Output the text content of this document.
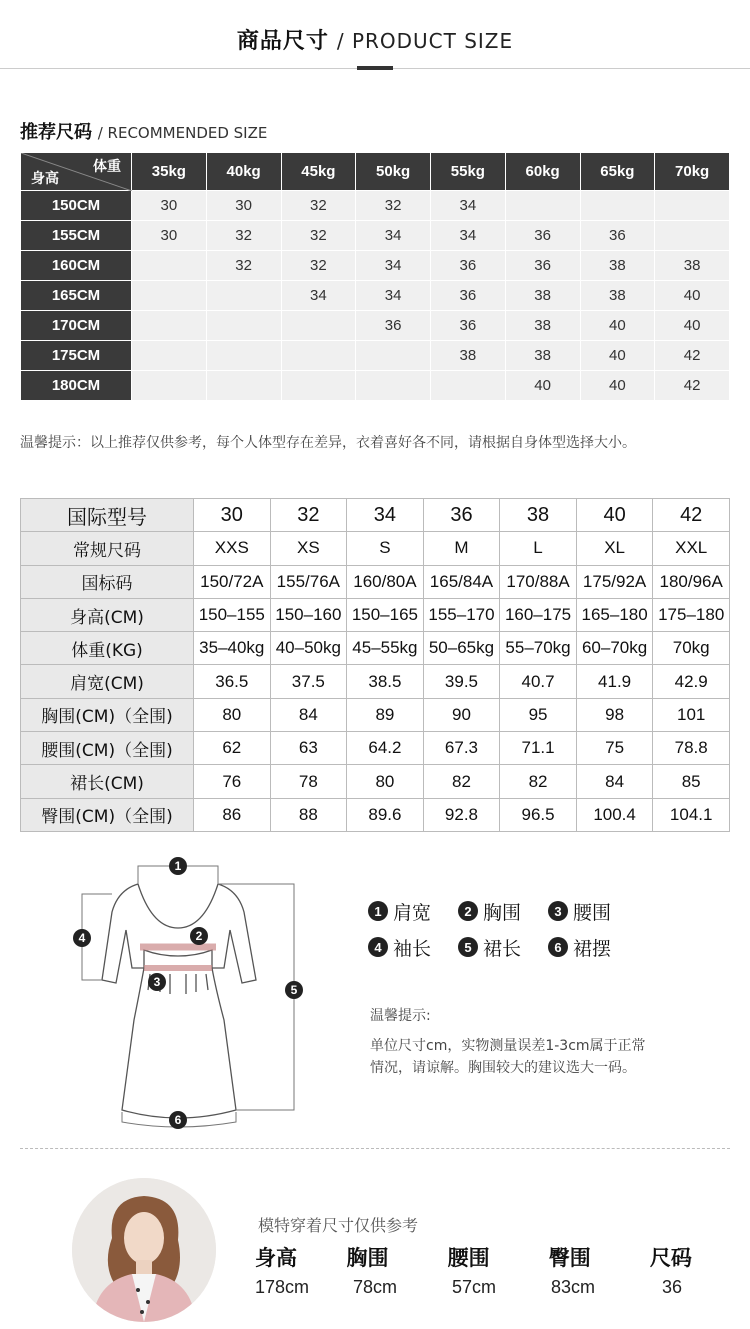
商品尺寸 / PRODUCT SIZE
推荐尺码 / RECOMMENDED SIZE
体重
身高	35kg	40kg	45kg	50kg	55kg	60kg	65kg	70kg
150CM	30	30	32	32	34			
155CM	30	32	32	34	34	36	36	
160CM		32	32	34	36	36	38	38
165CM			34	34	36	38	38	40
170CM				36	36	38	40	40
175CM					38	38	40	42
180CM						40	40	42
温馨提示：以上推荐仅供参考，每个人体型存在差异，衣着喜好各不同，请根据自身体型选择大小。
国际型号	30	32	34	36	38	40	42
常规尺码	XXS	XS	S	M	L	XL	XXL
国标码	150/72A	155/76A	160/80A	165/84A	170/88A	175/92A	180/96A
身高(CM)	150–155	150–160	150–165	155–170	160–175	165–180	175–180
体重(KG)	35–40kg	40–50kg	45–55kg	50–65kg	55–70kg	60–70kg	70kg
肩宽(CM)	36.5	37.5	38.5	39.5	40.7	41.9	42.9
胸围(CM)（全围)	80	84	89	90	95	98	101
腰围(CM)（全围)	62	63	64.2	67.3	71.1	75	78.8
裙长(CM)	76	78	80	82	82	84	85
臀围(CM)（全围)	86	88	89.6	92.8	96.5	100.4	104.1
1
2
3
4
5
6
1 肩宽	2 胸围	3 腰围
4 袖长	5 裙长	6 裙摆
温馨提示:
单位尺寸cm，实物测量误差1-3cm属于正常
情况，请谅解。胸围较大的建议选大一码。
模特穿着尺寸仅供参考
身高	胸围	腰围	臀围	尺码
178cm	78cm	57cm	83cm	36
